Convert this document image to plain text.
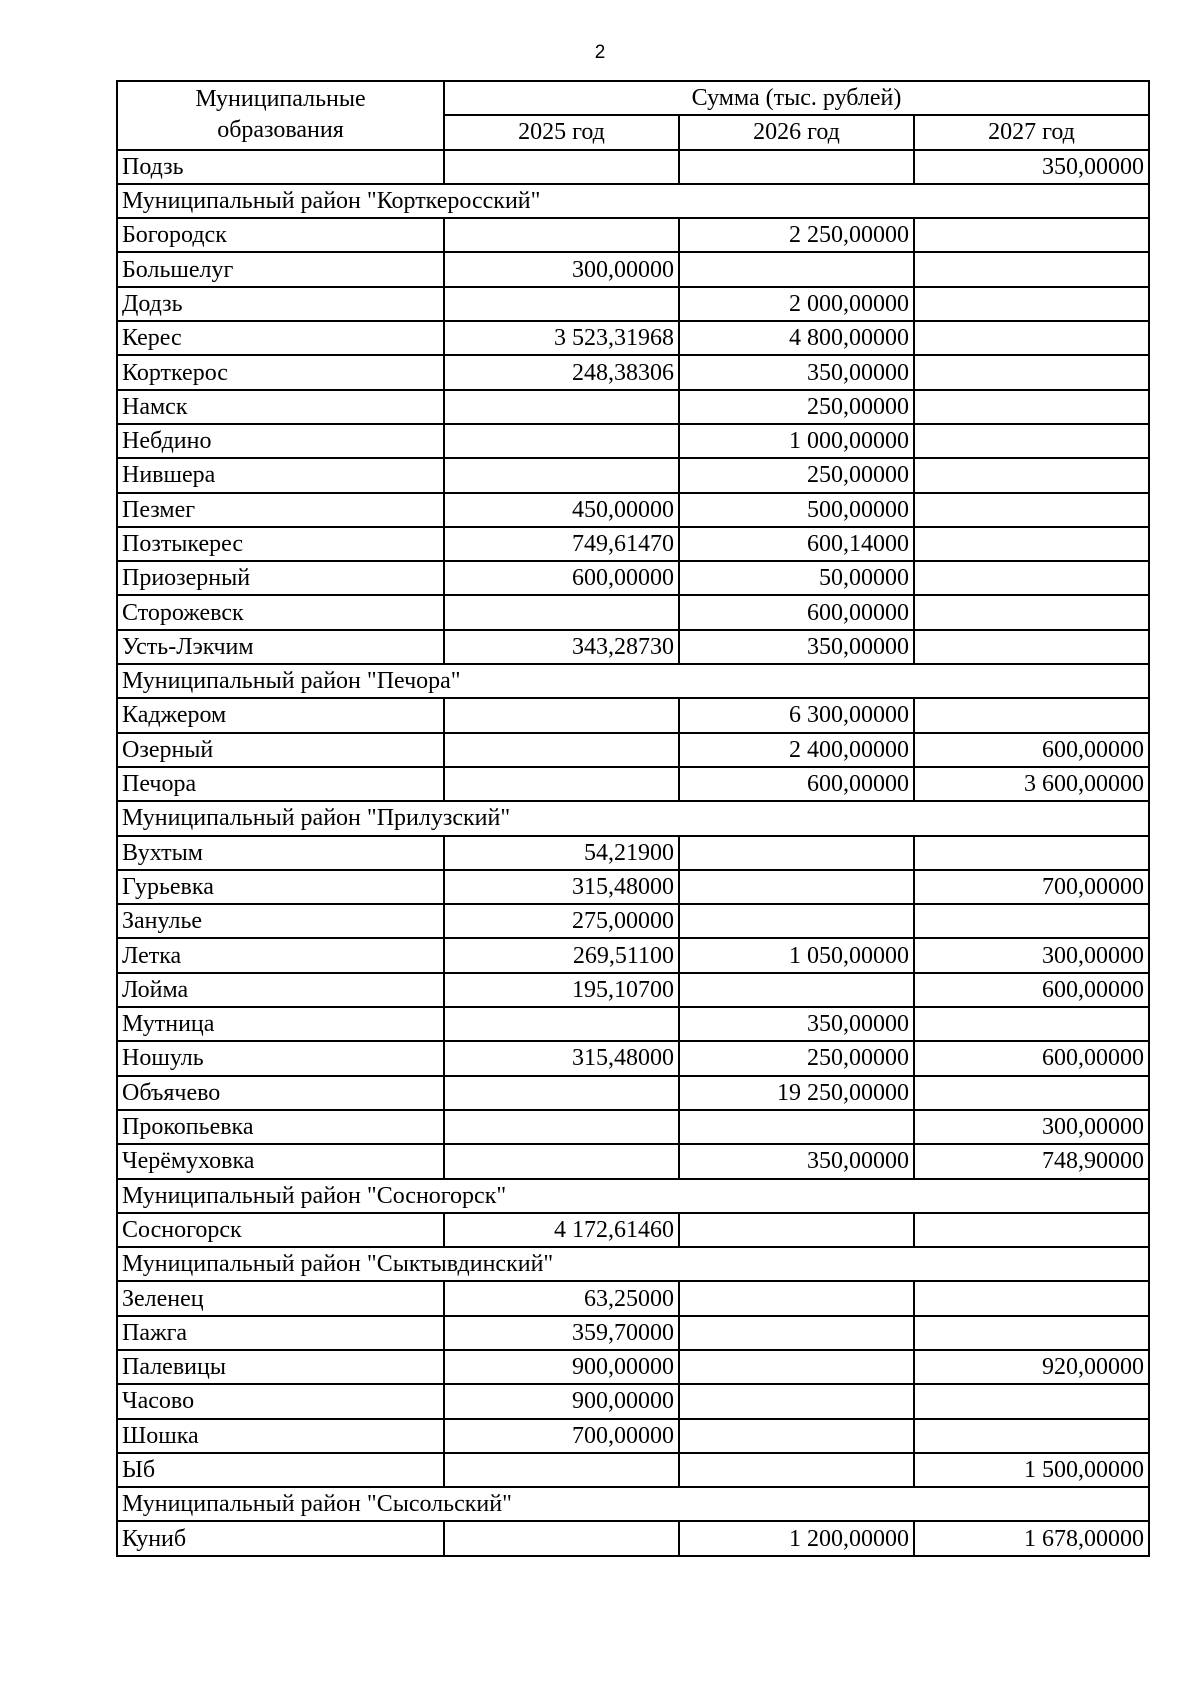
2
Муниципальные
образования	Сумма (тыс. рублей)		
	2025 год	2026 год	2027 год
Подзь			350,00000
Муниципальный район "Корткеросский"			
Богородск		2 250,00000	
Большелуг	300,00000		
Додзь		2 000,00000	
Керес	3 523,31968	4 800,00000	
Корткерос	248,38306	350,00000	
Намск		250,00000	
Небдино		1 000,00000	
Нившера		250,00000	
Пезмег	450,00000	500,00000	
Позтыкерес	749,61470	600,14000	
Приозерный	600,00000	50,00000	
Сторожевск		600,00000	
Усть-Лэкчим	343,28730	350,00000	
Муниципальный район "Печора"			
Каджером		6 300,00000	
Озерный		2 400,00000	600,00000
Печора		600,00000	3 600,00000
Муниципальный район "Прилузский"			
Вухтым	54,21900		
Гурьевка	315,48000		700,00000
Занулье	275,00000		
Летка	269,51100	1 050,00000	300,00000
Лойма	195,10700		600,00000
Мутница		350,00000	
Ношуль	315,48000	250,00000	600,00000
Объячево		19 250,00000	
Прокопьевка			300,00000
Черёмуховка		350,00000	748,90000
Муниципальный район "Сосногорск"			
Сосногорск	4 172,61460		
Муниципальный район "Сыктывдинский"			
Зеленец	63,25000		
Пажга	359,70000		
Палевицы	900,00000		920,00000
Часово	900,00000		
Шошка	700,00000		
Ыб			1 500,00000
Муниципальный район "Сысольский"			
Куниб		1 200,00000	1 678,00000
